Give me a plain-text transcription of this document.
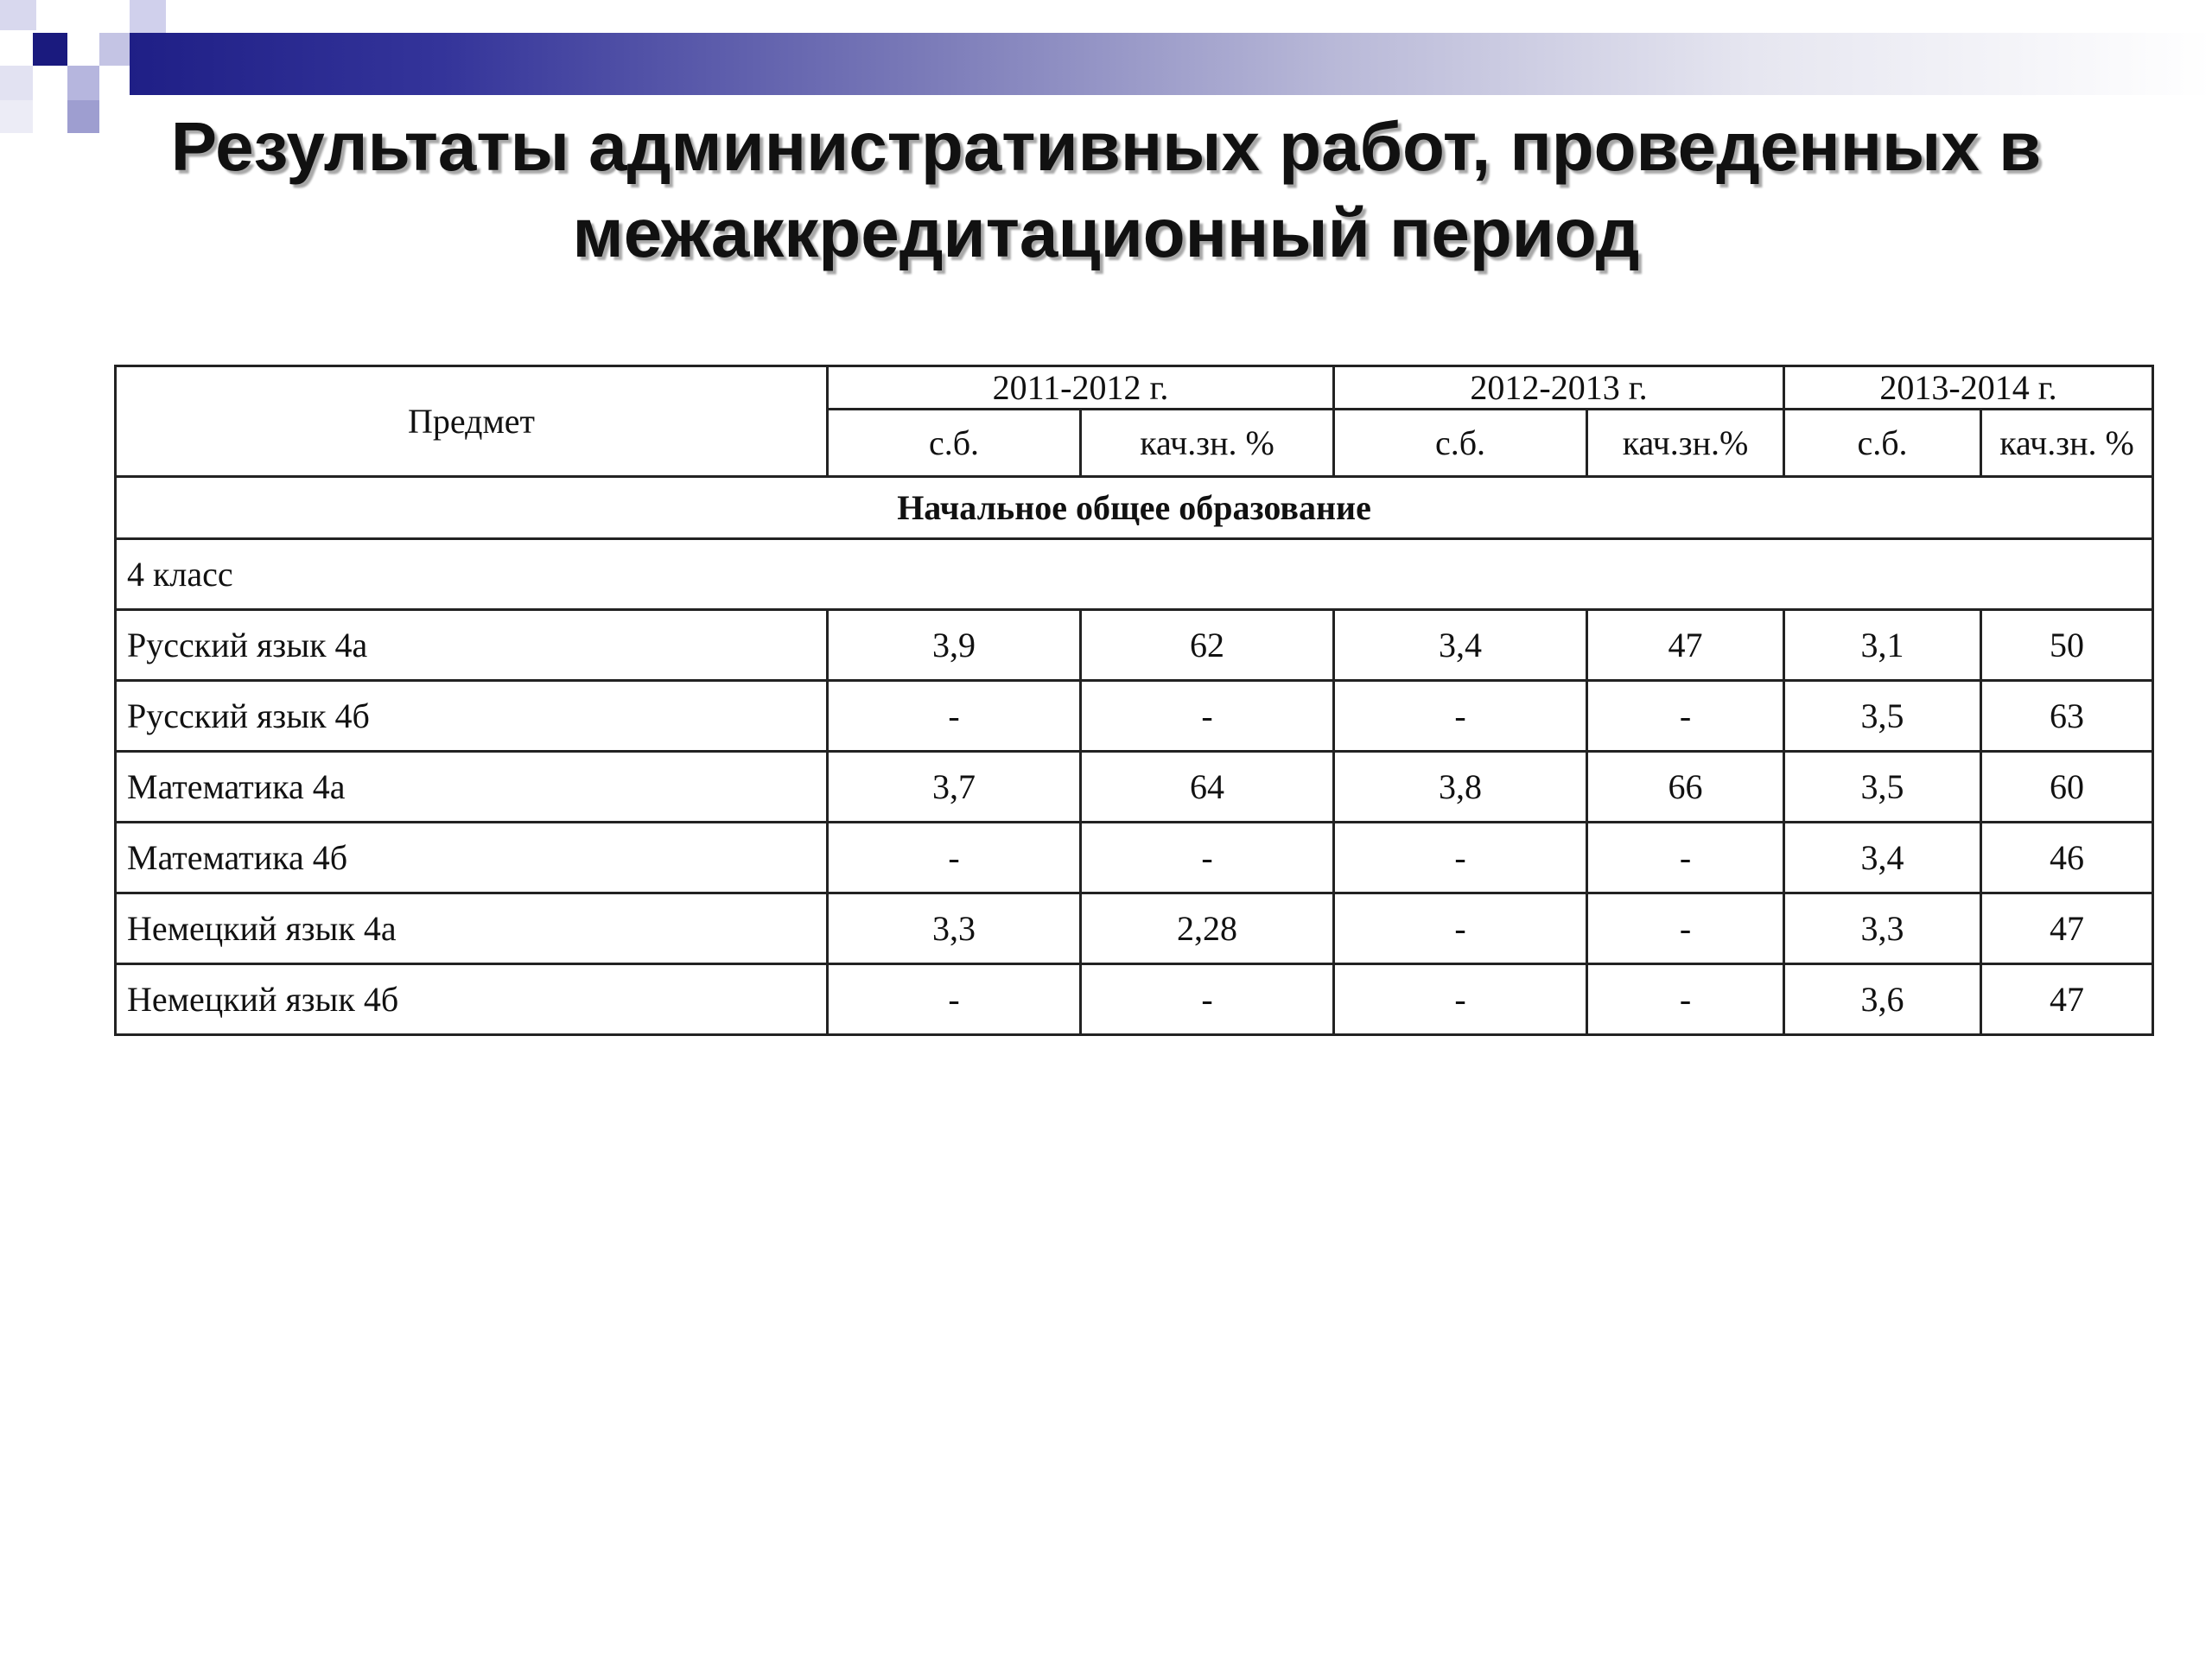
Результаты административных работ, проведенных в межаккредитационный период
Предмет	2011-2012 г.		2012-2013 г.		2013-2014 г.	
	с.б.	кач.зн. %	с.б.	кач.зн.%	с.б.	кач.зн. %
Начальное общее образование						
4 класс						
Русский язык 4а	3,9	62	3,4	47	3,1	50
Русский язык 4б	-	-	-	-	3,5	63
Математика 4а	3,7	64	3,8	66	3,5	60
Математика 4б	-	-	-	-	3,4	46
Немецкий язык 4а	3,3	2,28	-	-	3,3	47
Немецкий язык 4б	-	-	-	-	3,6	47
